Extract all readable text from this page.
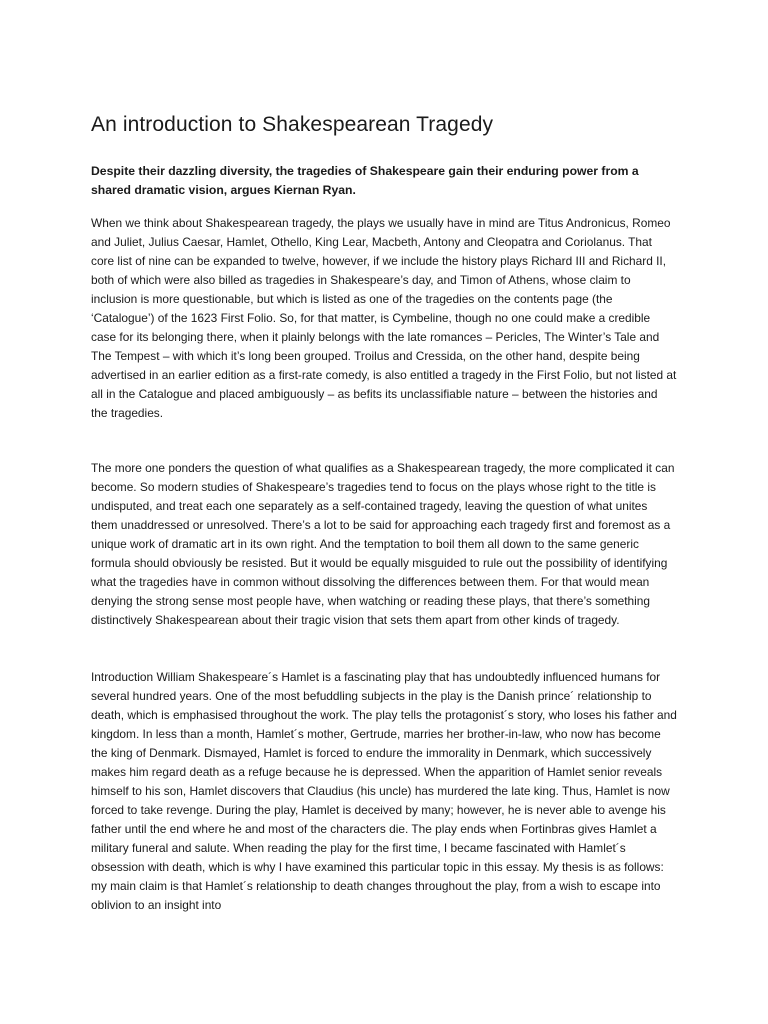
An introduction to Shakespearean Tragedy

Despite their dazzling diversity, the tragedies of Shakespeare gain their enduring power from a shared dramatic vision, argues Kiernan Ryan.

When we think about Shakespearean tragedy, the plays we usually have in mind are Titus Andronicus, Romeo and Juliet, Julius Caesar, Hamlet, Othello, King Lear, Macbeth, Antony and Cleopatra and Coriolanus. That core list of nine can be expanded to twelve, however, if we include the history plays Richard III and Richard II, both of which were also billed as tragedies in Shakespeare’s day, and Timon of Athens, whose claim to inclusion is more questionable, but which is listed as one of the tragedies on the contents page (the ‘Catalogue’) of the 1623 First Folio. So, for that matter, is Cymbeline, though no one could make a credible case for its belonging there, when it plainly belongs with the late romances – Pericles, The Winter’s Tale and The Tempest – with which it’s long been grouped. Troilus and Cressida, on the other hand, despite being advertised in an earlier edition as a first-rate comedy, is also entitled a tragedy in the First Folio, but not listed at all in the Catalogue and placed ambiguously – as befits its unclassifiable nature – between the histories and the tragedies.

The more one ponders the question of what qualifies as a Shakespearean tragedy, the more complicated it can become. So modern studies of Shakespeare’s tragedies tend to focus on the plays whose right to the title is undisputed, and treat each one separately as a self-contained tragedy, leaving the question of what unites them unaddressed or unresolved. There’s a lot to be said for approaching each tragedy first and foremost as a unique work of dramatic art in its own right. And the temptation to boil them all down to the same generic formula should obviously be resisted. But it would be equally misguided to rule out the possibility of identifying what the tragedies have in common without dissolving the differences between them. For that would mean denying the strong sense most people have, when watching or reading these plays, that there’s something distinctively Shakespearean about their tragic vision that sets them apart from other kinds of tragedy.

Introduction William Shakespeare´s Hamlet is a fascinating play that has undoubtedly influenced humans for several hundred years. One of the most befuddling subjects in the play is the Danish prince´ relationship to death, which is emphasised throughout the work. The play tells the protagonist´s story, who loses his father and kingdom. In less than a month, Hamlet´s mother, Gertrude, marries her brother-in-law, who now has become the king of Denmark. Dismayed, Hamlet is forced to endure the immorality in Denmark, which successively makes him regard death as a refuge because he is depressed. When the apparition of Hamlet senior reveals himself to his son, Hamlet discovers that Claudius (his uncle) has murdered the late king. Thus, Hamlet is now forced to take revenge. During the play, Hamlet is deceived by many; however, he is never able to avenge his father until the end where he and most of the characters die. The play ends when Fortinbras gives Hamlet a military funeral and salute. When reading the play for the first time, I became fascinated with Hamlet´s obsession with death, which is why I have examined this particular topic in this essay. My thesis is as follows: my main claim is that Hamlet´s relationship to death changes throughout the play, from a wish to escape into oblivion to an insight into
